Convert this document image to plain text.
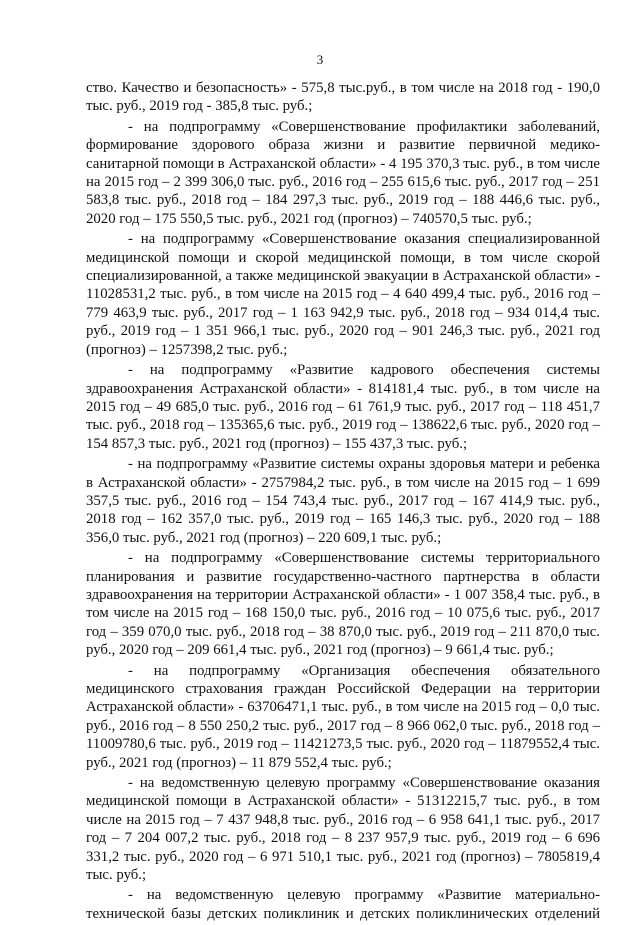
3

ство. Качество и безопасность» - 575,8 тыс.руб., в том числе на 2018 год - 190,0 тыс. руб., 2019 год - 385,8 тыс. руб.;

- на подпрограмму «Совершенствование профилактики заболеваний, формирование здорового образа жизни и развитие первичной медико-санитарной помощи в Астраханской области» - 4 195 370,3 тыс. руб., в том числе на 2015 год – 2 399 306,0 тыс. руб., 2016 год – 255 615,6 тыс. руб., 2017 год – 251 583,8 тыс. руб., 2018 год – 184 297,3 тыс. руб., 2019 год – 188 446,6 тыс. руб., 2020 год – 175 550,5 тыс. руб., 2021 год (прогноз) – 740570,5 тыс. руб.;

- на подпрограмму «Совершенствование оказания специализированной медицинской помощи и скорой медицинской помощи, в том числе скорой специализированной, а также медицинской эвакуации в Астраханской области» - 11028531,2 тыс. руб., в том числе на 2015 год – 4 640 499,4 тыс. руб., 2016 год – 779 463,9 тыс. руб., 2017 год – 1 163 942,9 тыс. руб., 2018 год – 934 014,4 тыс. руб., 2019 год – 1 351 966,1 тыс. руб., 2020 год – 901 246,3 тыс. руб., 2021 год (прогноз) – 1257398,2 тыс. руб.;

- на подпрограмму «Развитие кадрового обеспечения системы здравоохранения Астраханской области» - 814181,4 тыс. руб., в том числе на 2015 год – 49 685,0 тыс. руб., 2016 год – 61 761,9 тыс. руб., 2017 год – 118 451,7 тыс. руб., 2018 год – 135365,6 тыс. руб., 2019 год – 138622,6 тыс. руб., 2020 год – 154 857,3 тыс. руб., 2021 год (прогноз) – 155 437,3 тыс. руб.;

- на подпрограмму «Развитие системы охраны здоровья матери и ребенка в Астраханской области» - 2757984,2 тыс. руб., в том числе на 2015 год – 1 699 357,5 тыс. руб., 2016 год – 154 743,4 тыс. руб., 2017 год – 167 414,9 тыс. руб., 2018 год – 162 357,0 тыс. руб., 2019 год – 165 146,3 тыс. руб., 2020 год – 188 356,0 тыс. руб., 2021 год (прогноз) – 220 609,1 тыс. руб.;

- на подпрограмму «Совершенствование системы территориального планирования и развитие государственно-частного партнерства в области здравоохранения на территории Астраханской области» - 1 007 358,4 тыс. руб., в том числе на 2015 год – 168 150,0 тыс. руб., 2016 год – 10 075,6 тыс. руб., 2017 год – 359 070,0 тыс. руб., 2018 год – 38 870,0 тыс. руб., 2019 год – 211 870,0 тыс. руб., 2020 год – 209 661,4 тыс. руб., 2021 год (прогноз) – 9 661,4 тыс. руб.;

- на подпрограмму «Организация обеспечения обязательного медицинского страхования граждан Российской Федерации на территории Астраханской области» - 63706471,1 тыс. руб., в том числе на 2015 год – 0,0 тыс. руб., 2016 год – 8 550 250,2 тыс. руб., 2017 год – 8 966 062,0 тыс. руб., 2018 год – 11009780,6 тыс. руб., 2019 год – 11421273,5 тыс. руб., 2020 год – 11879552,4 тыс. руб., 2021 год (прогноз) – 11 879 552,4 тыс. руб.;

- на ведомственную целевую программу «Совершенствование оказания медицинской помощи в Астраханской области» - 51312215,7 тыс. руб., в том числе на 2015 год – 7 437 948,8 тыс. руб., 2016 год – 6 958 641,1 тыс. руб., 2017 год – 7 204 007,2 тыс. руб., 2018 год – 8 237 957,9 тыс. руб., 2019 год – 6 696 331,2 тыс. руб., 2020 год – 6 971 510,1 тыс. руб., 2021 год (прогноз) – 7805819,4 тыс. руб.;

- на ведомственную целевую программу «Развитие материально-технической базы детских поликлиник и детских поликлинических отделений
